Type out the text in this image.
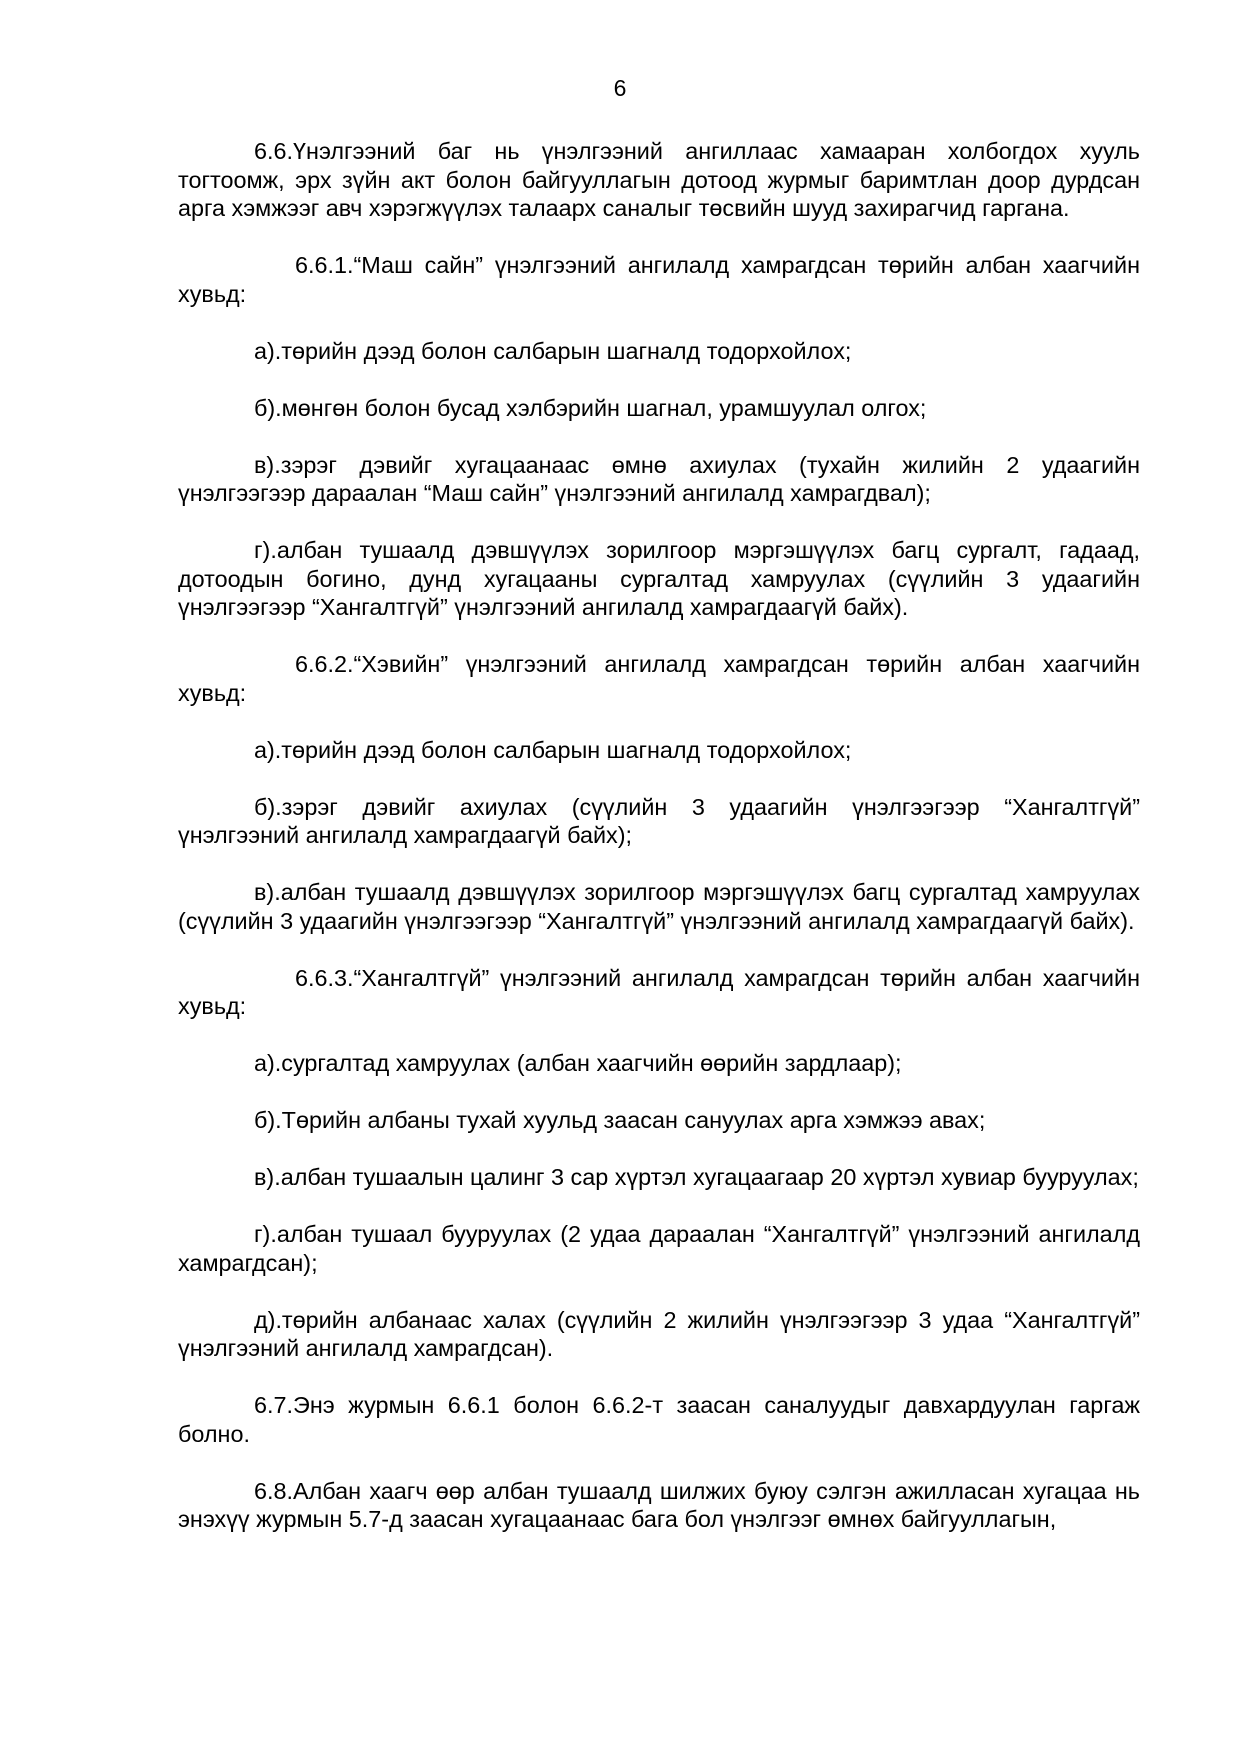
6

6.6.Үнэлгээний баг нь үнэлгээний ангиллаас хамааран холбогдох хууль тогтоомж, эрх зүйн акт болон байгууллагын дотоод журмыг баримтлан доор дурдсан арга хэмжээг авч хэрэгжүүлэх талаарх саналыг төсвийн шууд захирагчид гаргана.

6.6.1.“Маш сайн” үнэлгээний ангилалд хамрагдсан төрийн албан хаагчийн хувьд:

а).төрийн дээд болон салбарын шагналд тодорхойлох;

б).мөнгөн болон бусад хэлбэрийн шагнал, урамшуулал олгох;

в).зэрэг дэвийг хугацаанаас өмнө ахиулах (тухайн жилийн 2 удаагийн үнэлгээгээр дараалан “Маш сайн” үнэлгээний ангилалд хамрагдвал);

г).албан тушаалд дэвшүүлэх зорилгоор мэргэшүүлэх багц сургалт, гадаад, дотоодын богино, дунд хугацааны сургалтад хамруулах (сүүлийн 3 удаагийн үнэлгээгээр “Хангалтгүй” үнэлгээний ангилалд хамрагдаагүй байх).

6.6.2.“Хэвийн” үнэлгээний ангилалд хамрагдсан төрийн албан хаагчийн хувьд:

а).төрийн дээд болон салбарын шагналд тодорхойлох;

б).зэрэг дэвийг ахиулах (сүүлийн 3 удаагийн үнэлгээгээр “Хангалтгүй” үнэлгээний ангилалд хамрагдаагүй байх);

в).албан тушаалд дэвшүүлэх зорилгоор мэргэшүүлэх багц сургалтад хамруулах (сүүлийн 3 удаагийн үнэлгээгээр “Хангалтгүй” үнэлгээний ангилалд хамрагдаагүй байх).

6.6.3.“Хангалтгүй” үнэлгээний ангилалд хамрагдсан төрийн албан хаагчийн хувьд:

а).сургалтад хамруулах (албан хаагчийн өөрийн зардлаар);

б).Төрийн албаны тухай хуульд заасан сануулах арга хэмжээ авах;

в).албан тушаалын цалинг 3 сар хүртэл хугацаагаар 20 хүртэл хувиар бууруулах;

г).албан тушаал бууруулах (2 удаа дараалан “Хангалтгүй” үнэлгээний ангилалд хамрагдсан);

д).төрийн албанаас халах (сүүлийн 2 жилийн үнэлгээгээр 3 удаа “Хангалтгүй” үнэлгээний ангилалд хамрагдсан).

6.7.Энэ журмын 6.6.1 болон 6.6.2-т заасан саналуудыг давхардуулан гаргаж болно.

6.8.Албан хаагч өөр албан тушаалд шилжих буюу сэлгэн ажилласан хугацаа нь энэхүү журмын 5.7-д заасан хугацаанаас бага бол үнэлгээг өмнөх байгууллагын,
